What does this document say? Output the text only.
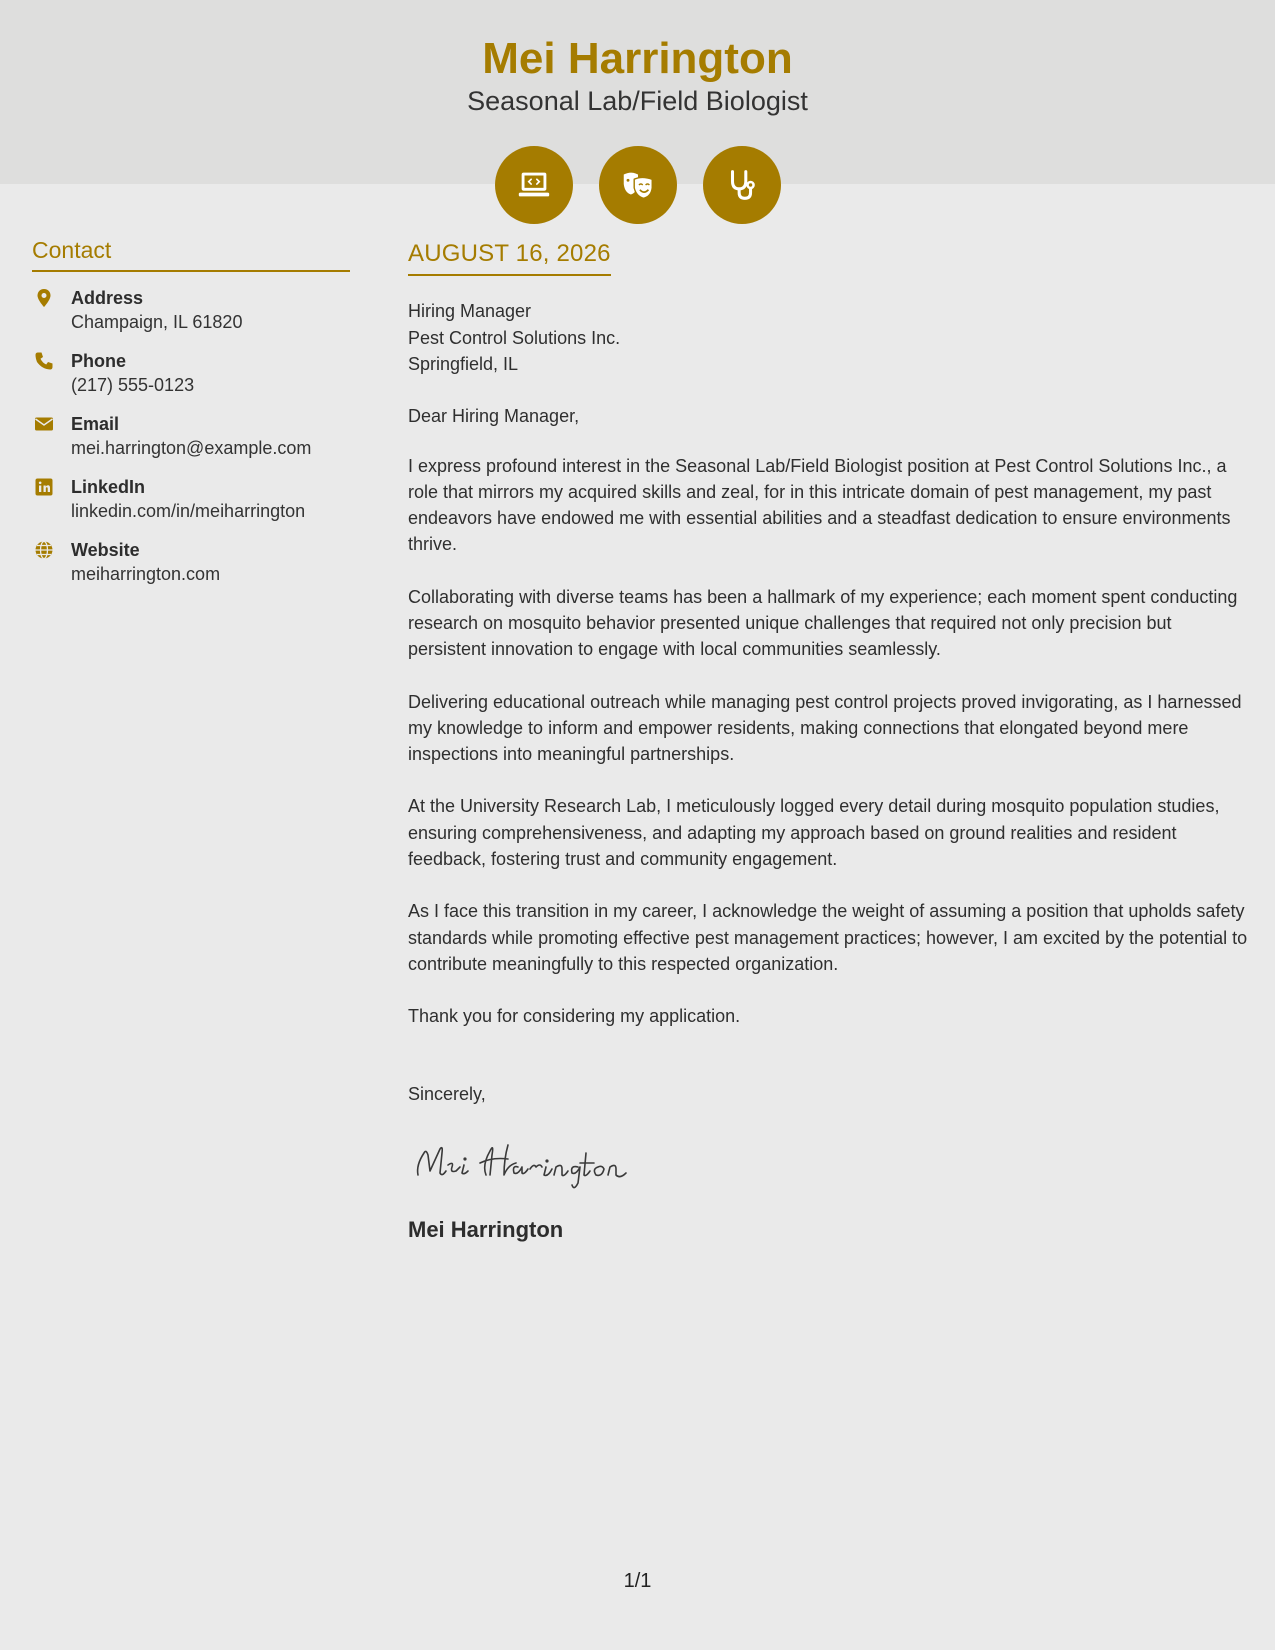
Mei Harrington
Seasonal Lab/Field Biologist
Contact
Address
Champaign, IL 61820
Phone
(217) 555-0123
Email
mei.harrington@example.com
LinkedIn
linkedin.com/in/meiharrington
Website
meiharrington.com
AUGUST 16, 2026
Hiring Manager
Pest Control Solutions Inc.
Springfield, IL
Dear Hiring Manager,
I express profound interest in the Seasonal Lab/Field Biologist position at Pest Control Solutions Inc., a role that mirrors my acquired skills and zeal, for in this intricate domain of pest management, my past endeavors have endowed me with essential abilities and a steadfast dedication to ensure environments thrive.
Collaborating with diverse teams has been a hallmark of my experience; each moment spent conducting research on mosquito behavior presented unique challenges that required not only precision but persistent innovation to engage with local communities seamlessly.
Delivering educational outreach while managing pest control projects proved invigorating, as I harnessed my knowledge to inform and empower residents, making connections that elongated beyond mere inspections into meaningful partnerships.
At the University Research Lab, I meticulously logged every detail during mosquito population studies, ensuring comprehensiveness, and adapting my approach based on ground realities and resident feedback, fostering trust and community engagement.
As I face this transition in my career, I acknowledge the weight of assuming a position that upholds safety standards while promoting effective pest management practices; however, I am excited by the potential to contribute meaningfully to this respected organization.
Thank you for considering my application.
Sincerely,
Mei Harrington
1/1
